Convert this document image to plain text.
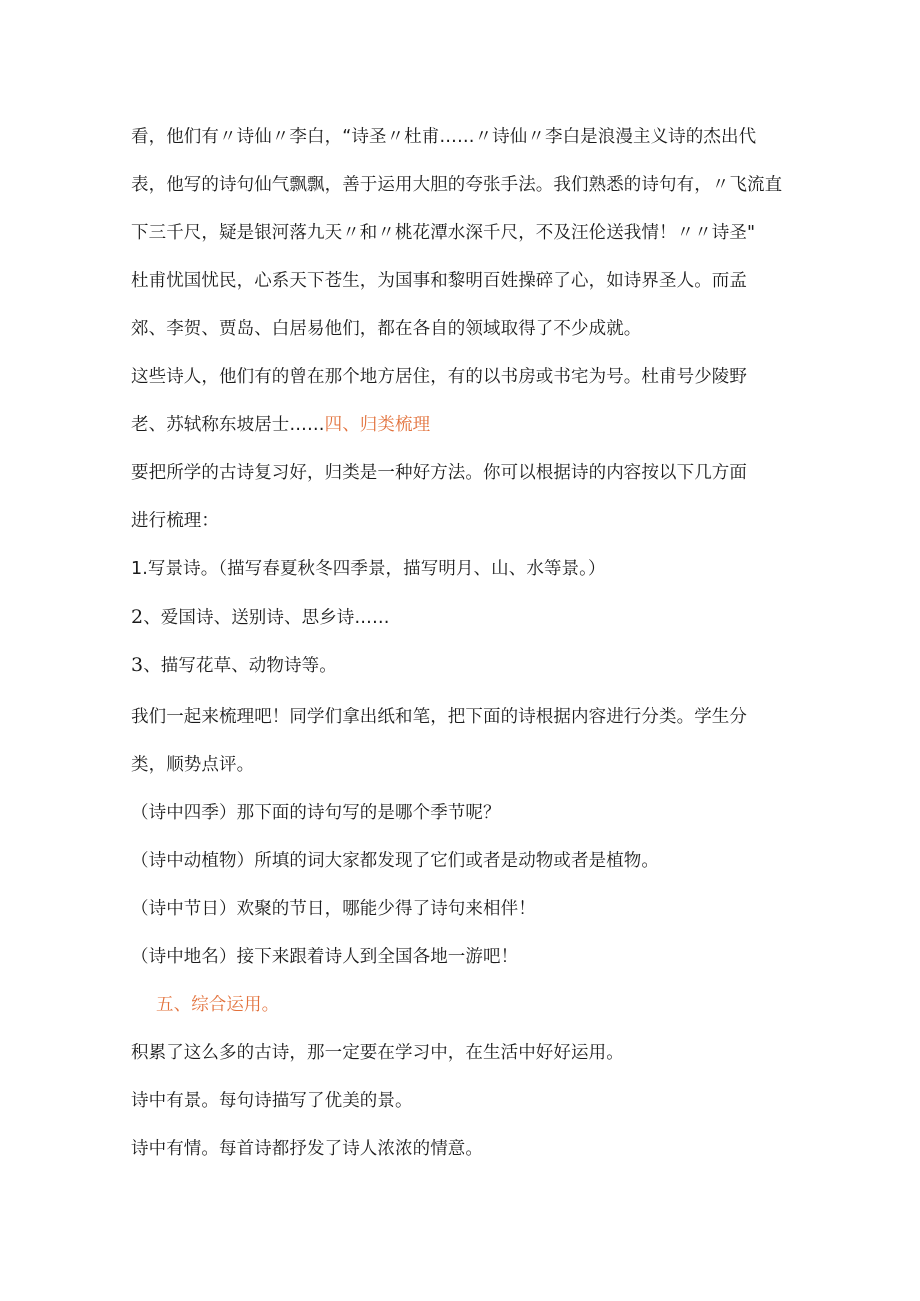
看，他们有〃诗仙〃李白，“诗圣〃杜甫……〃诗仙〃李白是浪漫主义诗的杰出代
表，他写的诗句仙气飘飘，善于运用大胆的夸张手法。我们熟悉的诗句有，〃飞流直
下三千尺，疑是银河落九天〃和〃桃花潭水深千尺，不及汪伦送我情！〃〃诗圣"
杜甫忧国忧民，心系天下苍生，为国事和黎明百姓操碎了心，如诗界圣人。而孟
郊、李贺、贾岛、白居易他们，都在各自的领域取得了不少成就。
这些诗人，他们有的曾在那个地方居住，有的以书房或书宅为号。杜甫号少陵野
老、苏轼称东坡居士……四、归类梳理
要把所学的古诗复习好，归类是一种好方法。你可以根据诗的内容按以下几方面
进行梳理：
1.写景诗。（描写春夏秋冬四季景，描写明月、山、水等景。）
2、爱国诗、送别诗、思乡诗……
3、描写花草、动物诗等。
我们一起来梳理吧！同学们拿出纸和笔，把下面的诗根据内容进行分类。学生分
类，顺势点评。
（诗中四季）那下面的诗句写的是哪个季节呢？
（诗中动植物）所填的词大家都发现了它们或者是动物或者是植物。
（诗中节日）欢聚的节日，哪能少得了诗句来相伴！
（诗中地名）接下来跟着诗人到全国各地一游吧！
五、综合运用。
积累了这么多的古诗，那一定要在学习中，在生活中好好运用。
诗中有景。每句诗描写了优美的景。
诗中有情。每首诗都抒发了诗人浓浓的情意。
